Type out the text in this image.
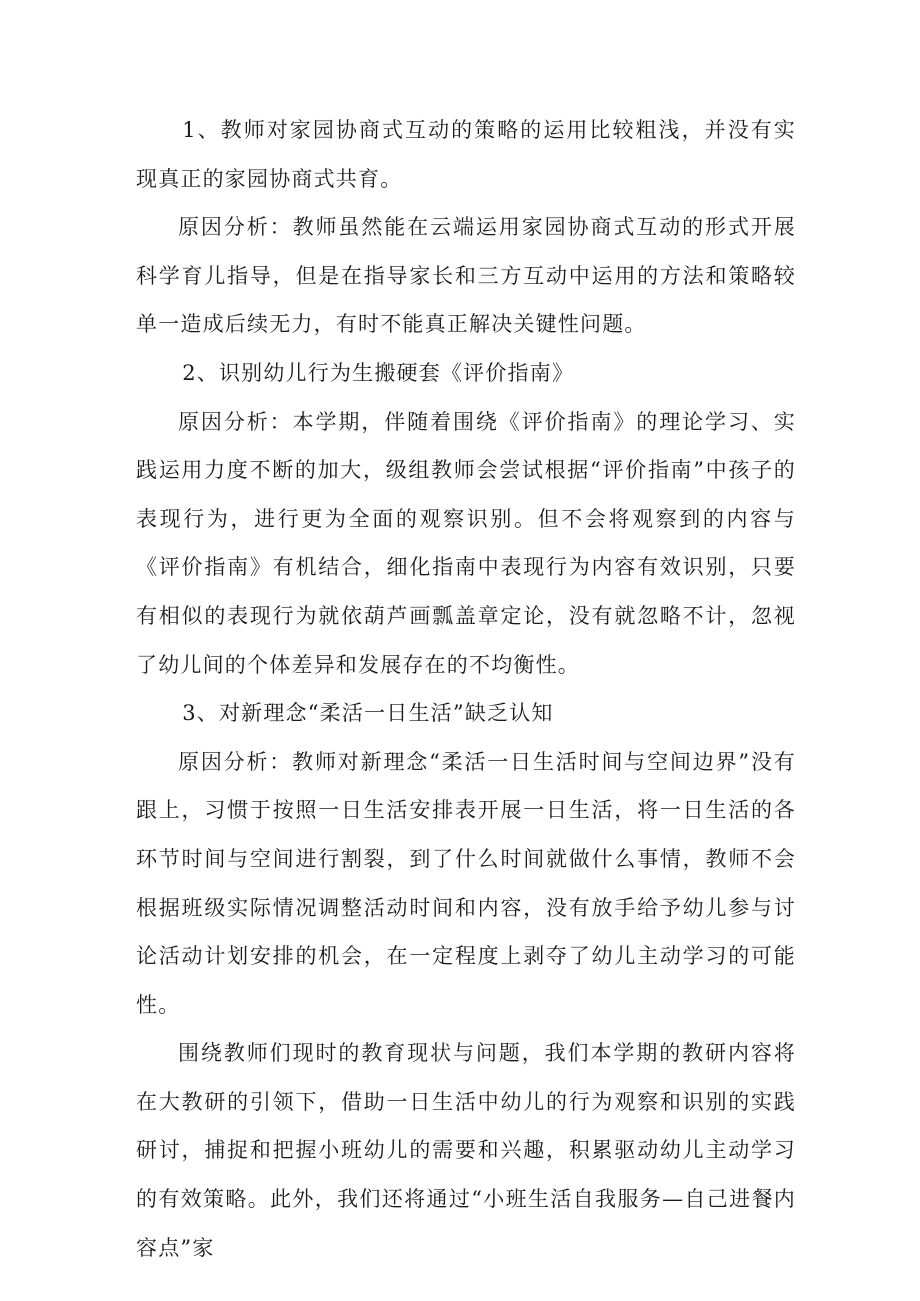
1、教师对家园协商式互动的策略的运用比较粗浅，并没有实现真正的家园协商式共育。

原因分析：教师虽然能在云端运用家园协商式互动的形式开展科学育儿指导，但是在指导家长和三方互动中运用的方法和策略较单一造成后续无力，有时不能真正解决关键性问题。

2、识别幼儿行为生搬硬套《评价指南》

原因分析：本学期，伴随着围绕《评价指南》的理论学习、实践运用力度不断的加大，级组教师会尝试根据“评价指南”中孩子的表现行为，进行更为全面的观察识别。但不会将观察到的内容与《评价指南》有机结合，细化指南中表现行为内容有效识别，只要有相似的表现行为就依葫芦画瓢盖章定论，没有就忽略不计，忽视了幼儿间的个体差异和发展存在的不均衡性。

3、对新理念“柔活一日生活”缺乏认知

原因分析：教师对新理念“柔活一日生活时间与空间边界”没有跟上，习惯于按照一日生活安排表开展一日生活，将一日生活的各环节时间与空间进行割裂，到了什么时间就做什么事情，教师不会根据班级实际情况调整活动时间和内容，没有放手给予幼儿参与讨论活动计划安排的机会，在一定程度上剥夺了幼儿主动学习的可能性。

围绕教师们现时的教育现状与问题，我们本学期的教研内容将在大教研的引领下，借助一日生活中幼儿的行为观察和识别的实践研讨，捕捉和把握小班幼儿的需要和兴趣，积累驱动幼儿主动学习的有效策略。此外，我们还将通过“小班生活自我服务—自己进餐内容点”家
